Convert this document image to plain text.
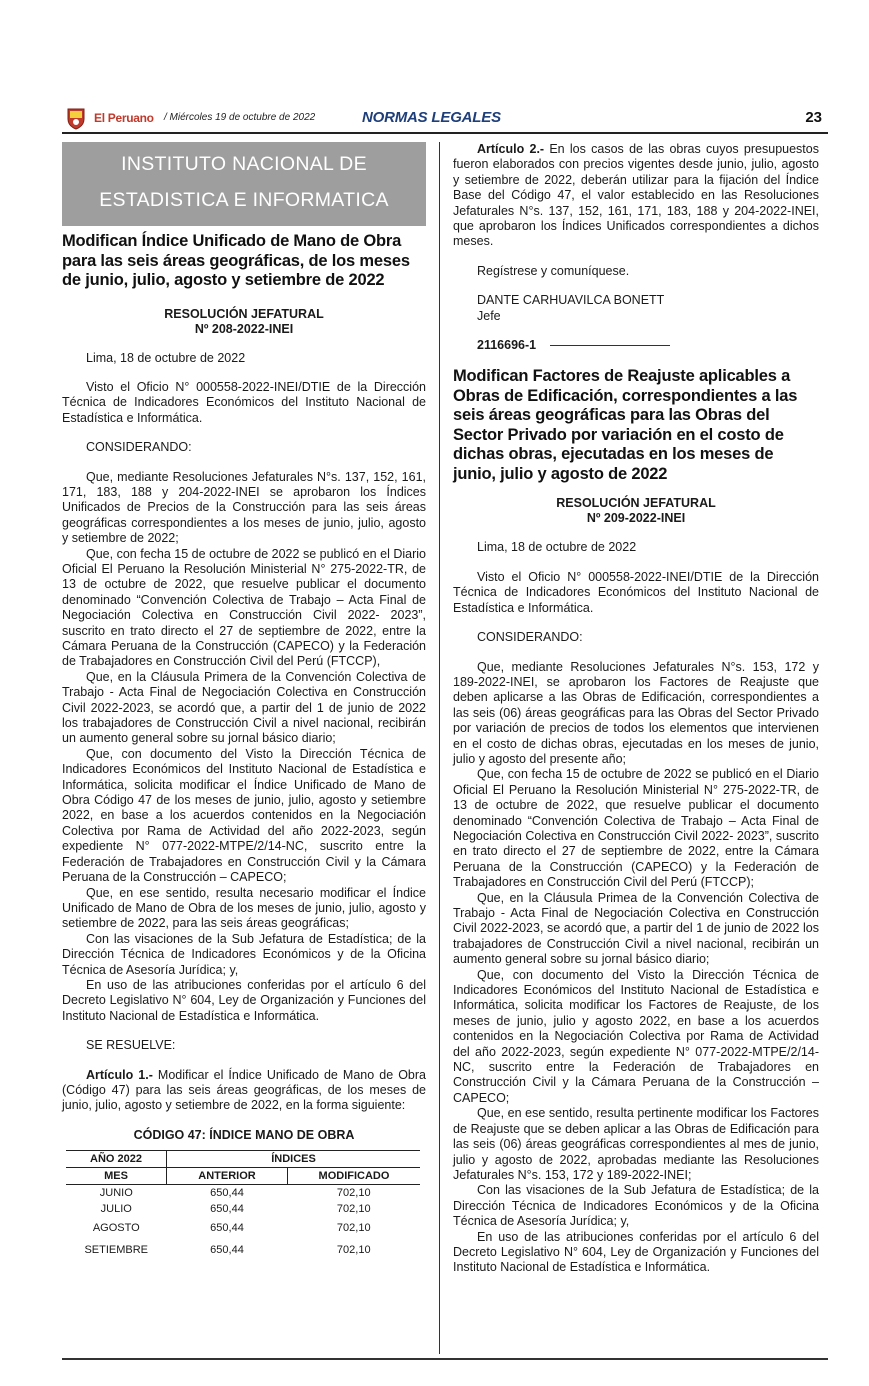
El Peruano / Miércoles 19 de octubre de 2022	NORMAS LEGALES	23
INSTITUTO NACIONAL DE
ESTADISTICA E INFORMATICA
Modifican Índice Unificado de Mano de Obra para las seis áreas geográficas, de los meses de junio, julio, agosto y setiembre de 2022
RESOLUCIÓN JEFATURAL
Nº 208-2022-INEI

Lima, 18 de octubre de 2022

Visto el Oficio N° 000558-2022-INEI/DTIE de la Dirección Técnica de Indicadores Económicos del Instituto Nacional de Estadística e Informática.

CONSIDERANDO:

Que, mediante Resoluciones Jefaturales N°s. 137, 152, 161, 171, 183, 188 y 204-2022-INEI se aprobaron los Índices Unificados de Precios de la Construcción para las seis áreas geográficas correspondientes a los meses de junio, julio, agosto y setiembre de 2022;

Que, con fecha 15 de octubre de 2022 se publicó en el Diario Oficial El Peruano la Resolución Ministerial N° 275-2022-TR, de 13 de octubre de 2022, que resuelve publicar el documento denominado “Convención Colectiva de Trabajo – Acta Final de Negociación Colectiva en Construcción Civil 2022- 2023”, suscrito en trato directo el 27 de septiembre de 2022, entre la Cámara Peruana de la Construcción (CAPECO) y la Federación de Trabajadores en Construcción Civil del Perú (FTCCP),

Que, en la Cláusula Primera de la Convención Colectiva de Trabajo - Acta Final de Negociación Colectiva en Construcción Civil 2022-2023, se acordó que, a partir del 1 de junio de 2022 los trabajadores de Construcción Civil a nivel nacional, recibirán un aumento general sobre su jornal básico diario;

Que, con documento del Visto la Dirección Técnica de Indicadores Económicos del Instituto Nacional de Estadística e Informática, solicita modificar el Índice Unificado de Mano de Obra Código 47 de los meses de junio, julio, agosto y setiembre 2022, en base a los acuerdos contenidos en la Negociación Colectiva por Rama de Actividad del año 2022-2023, según expediente N° 077-2022-MTPE/2/14-NC, suscrito entre la Federación de Trabajadores en Construcción Civil y la Cámara Peruana de la Construcción – CAPECO;

Que, en ese sentido, resulta necesario modificar el Índice Unificado de Mano de Obra de los meses de junio, julio, agosto y setiembre de 2022, para las seis áreas geográficas;

Con las visaciones de la Sub Jefatura de Estadística; de la Dirección Técnica de Indicadores Económicos y de la Oficina Técnica de Asesoría Jurídica; y,

En uso de las atribuciones conferidas por el artículo 6 del Decreto Legislativo N° 604, Ley de Organización y Funciones del Instituto Nacional de Estadística e Informática.

SE RESUELVE:

Artículo 1.- Modificar el Índice Unificado de Mano de Obra (Código 47) para las seis áreas geográficas, de los meses de junio, julio, agosto y setiembre de 2022, en la forma siguiente:

CÓDIGO 47: ÍNDICE MANO DE OBRA
AÑO 2022	ÍNDICES	
MES	ANTERIOR	MODIFICADO
JUNIO	650,44	702,10
JULIO	650,44	702,10
AGOSTO	650,44	702,10
SETIEMBRE	650,44	702,10

Artículo 2.- En los casos de las obras cuyos presupuestos fueron elaborados con precios vigentes desde junio, julio, agosto y setiembre de 2022, deberán utilizar para la fijación del Índice Base del Código 47, el valor establecido en las Resoluciones Jefaturales N°s. 137, 152, 161, 171, 183, 188 y 204-2022-INEI, que aprobaron los Índices Unificados correspondientes a dichos meses.

Regístrese y comuníquese.

DANTE CARHUAVILCA BONETT

Jefe

2116696-1

Modifican Factores de Reajuste aplicables a Obras de Edificación, correspondientes a las seis áreas geográficas para las Obras del Sector Privado por variación en el costo de dichas obras, ejecutadas en los meses de junio, julio y agosto de 2022
RESOLUCIÓN JEFATURAL
Nº 209-2022-INEI

Lima, 18 de octubre de 2022

Visto el Oficio N° 000558-2022-INEI/DTIE de la Dirección Técnica de Indicadores Económicos del Instituto Nacional de Estadística e Informática.

CONSIDERANDO:

Que, mediante Resoluciones Jefaturales N°s. 153, 172 y 189-2022-INEI, se aprobaron los Factores de Reajuste que deben aplicarse a las Obras de Edificación, correspondientes a las seis (06) áreas geográficas para las Obras del Sector Privado por variación de precios de todos los elementos que intervienen en el costo de dichas obras, ejecutadas en los meses de junio, julio y agosto del presente año;

Que, con fecha 15 de octubre de 2022 se publicó en el Diario Oficial El Peruano la Resolución Ministerial N° 275-2022-TR, de 13 de octubre de 2022, que resuelve publicar el documento denominado “Convención Colectiva de Trabajo – Acta Final de Negociación Colectiva en Construcción Civil 2022- 2023”, suscrito en trato directo el 27 de septiembre de 2022, entre la Cámara Peruana de la Construcción (CAPECO) y la Federación de Trabajadores en Construcción Civil del Perú (FTCCP);

Que, en la Cláusula Primea de la Convención Colectiva de Trabajo - Acta Final de Negociación Colectiva en Construcción Civil 2022-2023, se acordó que, a partir del 1 de junio de 2022 los trabajadores de Construcción Civil a nivel nacional, recibirán un aumento general sobre su jornal básico diario;

Que, con documento del Visto la Dirección Técnica de Indicadores Económicos del Instituto Nacional de Estadística e Informática, solicita modificar los Factores de Reajuste, de los meses de junio, julio y agosto 2022, en base a los acuerdos contenidos en la Negociación Colectiva por Rama de Actividad del año 2022-2023, según expediente N° 077-2022-MTPE/2/14-NC, suscrito entre la Federación de Trabajadores en Construcción Civil y la Cámara Peruana de la Construcción – CAPECO;

Que, en ese sentido, resulta pertinente modificar los Factores de Reajuste que se deben aplicar a las Obras de Edificación para las seis (06) áreas geográficas correspondientes al mes de junio, julio y agosto de 2022, aprobadas mediante las Resoluciones Jefaturales N°s. 153, 172 y 189-2022-INEI;

Con las visaciones de la Sub Jefatura de Estadística; de la Dirección Técnica de Indicadores Económicos y de la Oficina Técnica de Asesoría Jurídica; y,

En uso de las atribuciones conferidas por el artículo 6 del Decreto Legislativo N° 604, Ley de Organización y Funciones del Instituto Nacional de Estadística e Informática.
